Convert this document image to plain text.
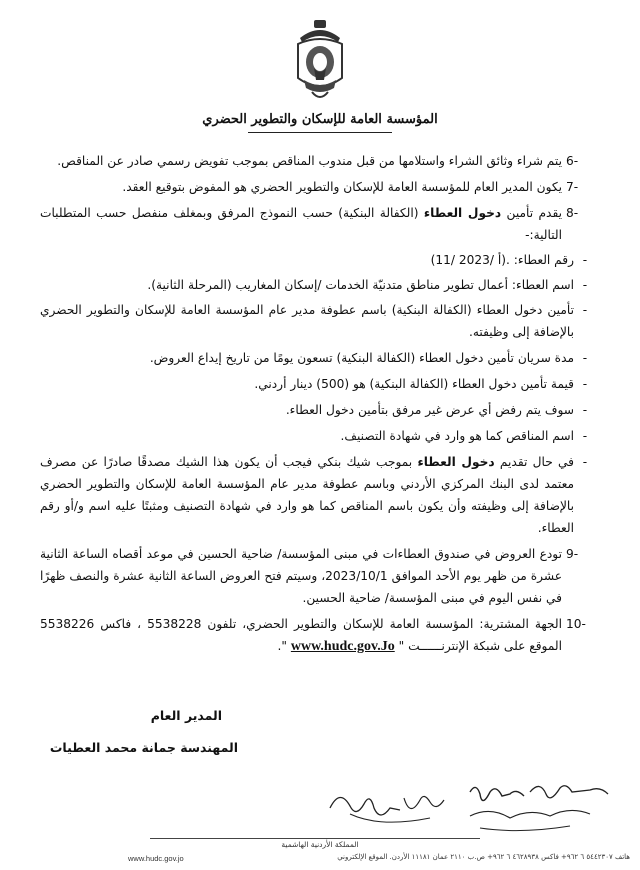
المؤسسة العامة للإسكان والتطوير الحضري
6-
يتم شراء وثائق الشراء واستلامها من قبل مندوب المناقص بموجب تفويض رسمي صادر عن المناقص.
7-
يكون المدير العام للمؤسسة العامة للإسكان والتطوير الحضري هو المفوض بتوقيع العقد.
8-
يقدم تأمين دخول العطاء (الكفالة البنكية) حسب النموذج المرفق وبمغلف منفصل حسب المتطلبات التالية:-
-
رقم العطاء: (11/ أ /2023).
-
اسم العطاء: أعمال تطوير مناطق متدنيّة الخدمات /إسكان المغاريب (المرحلة الثانية).
-
تأمين دخول العطاء (الكفالة البنكية) باسم عطوفة مدير عام المؤسسة العامة للإسكان والتطوير الحضري بالإضافة إلى وظيفته.
-
مدة سريان تأمين دخول العطاء (الكفالة البنكية) تسعون يومًا من تاريخ إيداع العروض.
-
قيمة تأمين دخول العطاء (الكفالة البنكية) هو (500) دينار أردني.
-
سوف يتم رفض أي عرض غير مرفق بتأمين دخول العطاء.
-
اسم المناقص كما هو وارد في شهادة التصنيف.
-
في حال تقديم دخول العطاء بموجب شيك بنكي فيجب أن يكون هذا الشيك مصدقًا صادرًا عن مصرف معتمد لدى البنك المركزي الأردني وباسم عطوفة مدير عام المؤسسة العامة للإسكان والتطوير الحضري بالإضافة إلى وظيفته وأن يكون باسم المناقص كما هو وارد في شهادة التصنيف ومثبتًا عليه اسم و/أو رقم العطاء.
9-
تودع العروض في صندوق العطاءات في مبنى المؤسسة/ ضاحية الحسين في موعد أقصاه الساعة الثانية عشرة من ظهر يوم الأحد الموافق 2023/10/1، وسيتم فتح العروض الساعة الثانية عشرة والنصف ظهرًا في نفس اليوم في مبنى المؤسسة/ ضاحية الحسين.
10-
الجهة المشترية: المؤسسة العامة للإسكان والتطوير الحضري، تلفون 5538228 ، فاكس 5538226 الموقع على شبكة الإنترنــــــت " www.hudc.gov.Jo ".
المدير العام
المهندسة جمانة محمد العطيات
المملكة الأردنية الهاشمية
هاتف ٥٤٤٢٣٠٧ ٦ ٩٦٢+ فاكس ٤٦٢٨٩٣٨ ٦ ٩٦٢+ ص.ب ٢١١٠ عمان ١١١٨١ الأردن. الموقع الإلكتروني
www.hudc.gov.jo
